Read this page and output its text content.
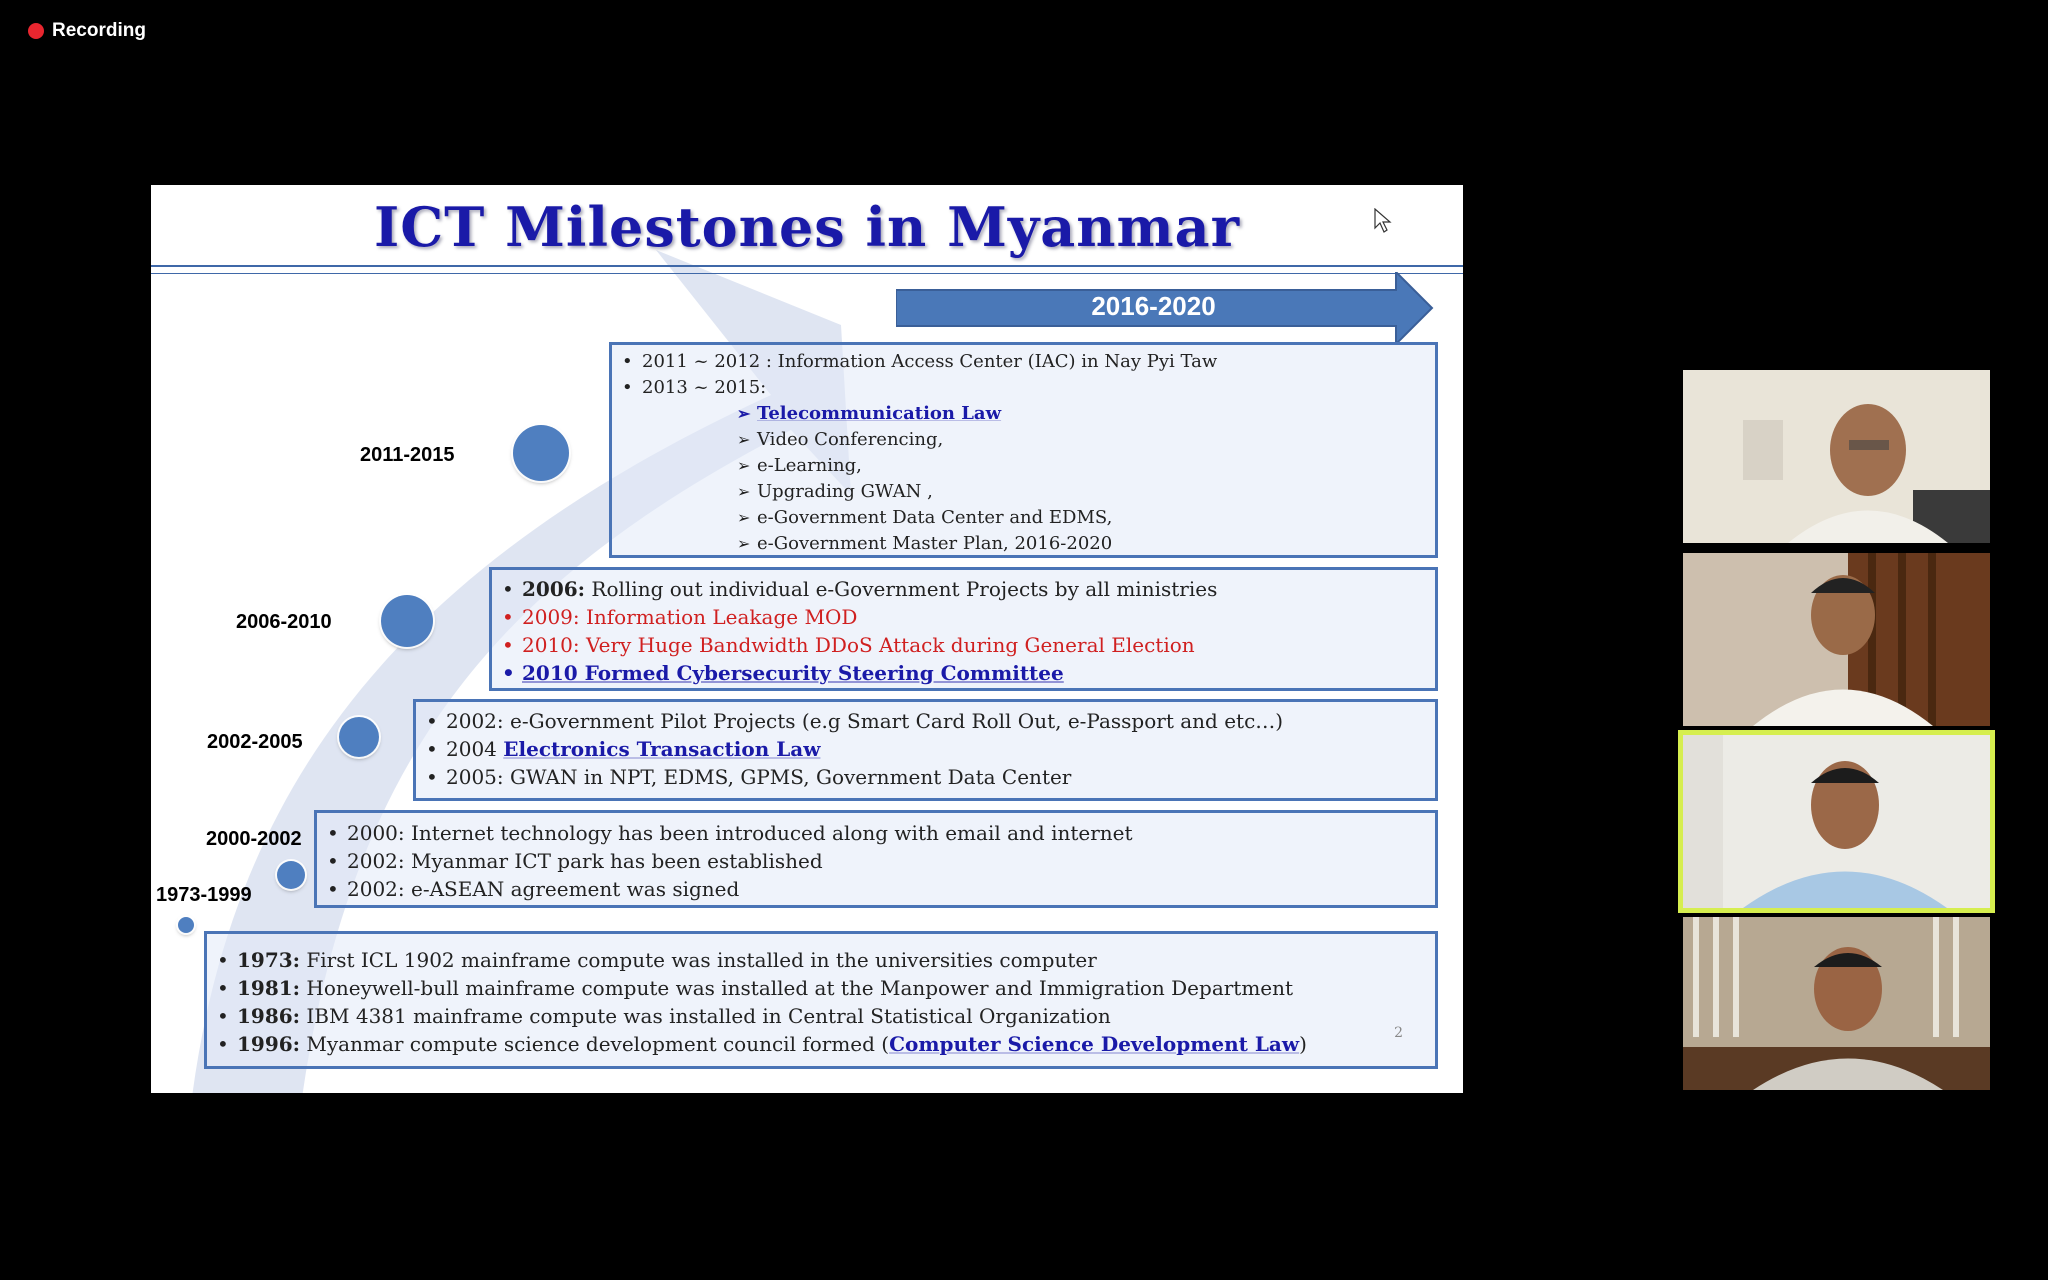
Recording
ICT Milestones in Myanmar
2016-2020
2011-2015
2006-2010
2002-2005
2000-2002
1973-1999
• 2011 ~ 2012 : Information Access Center (IAC) in Nay Pyi Taw
• 2013 ~ 2015:
➢ Telecommunication Law
➢ Video Conferencing,
➢ e-Learning,
➢ Upgrading GWAN ,
➢ e-Government Data Center and EDMS,
➢ e-Government Master Plan, 2016-2020
• 2006: Rolling out individual e-Government Projects by all ministries
• 2009: Information Leakage MOD
• 2010: Very Huge Bandwidth DDoS Attack during General Election
• 2010 Formed Cybersecurity Steering Committee
• 2002: e-Government Pilot Projects (e.g Smart Card Roll Out, e-Passport and etc…)
• 2004 Electronics Transaction Law
• 2005: GWAN in NPT, EDMS, GPMS, Government Data Center
• 2000: Internet technology has been introduced along with email and internet
• 2002: Myanmar ICT park has been established
• 2002: e-ASEAN agreement was signed
• 1973: First ICL 1902 mainframe compute was installed in the universities computer
• 1981: Honeywell-bull mainframe compute was installed at the Manpower and Immigration Department
• 1986: IBM 4381 mainframe compute was installed in Central Statistical Organization
• 1996: Myanmar compute science development council formed (Computer Science Development Law)	2
